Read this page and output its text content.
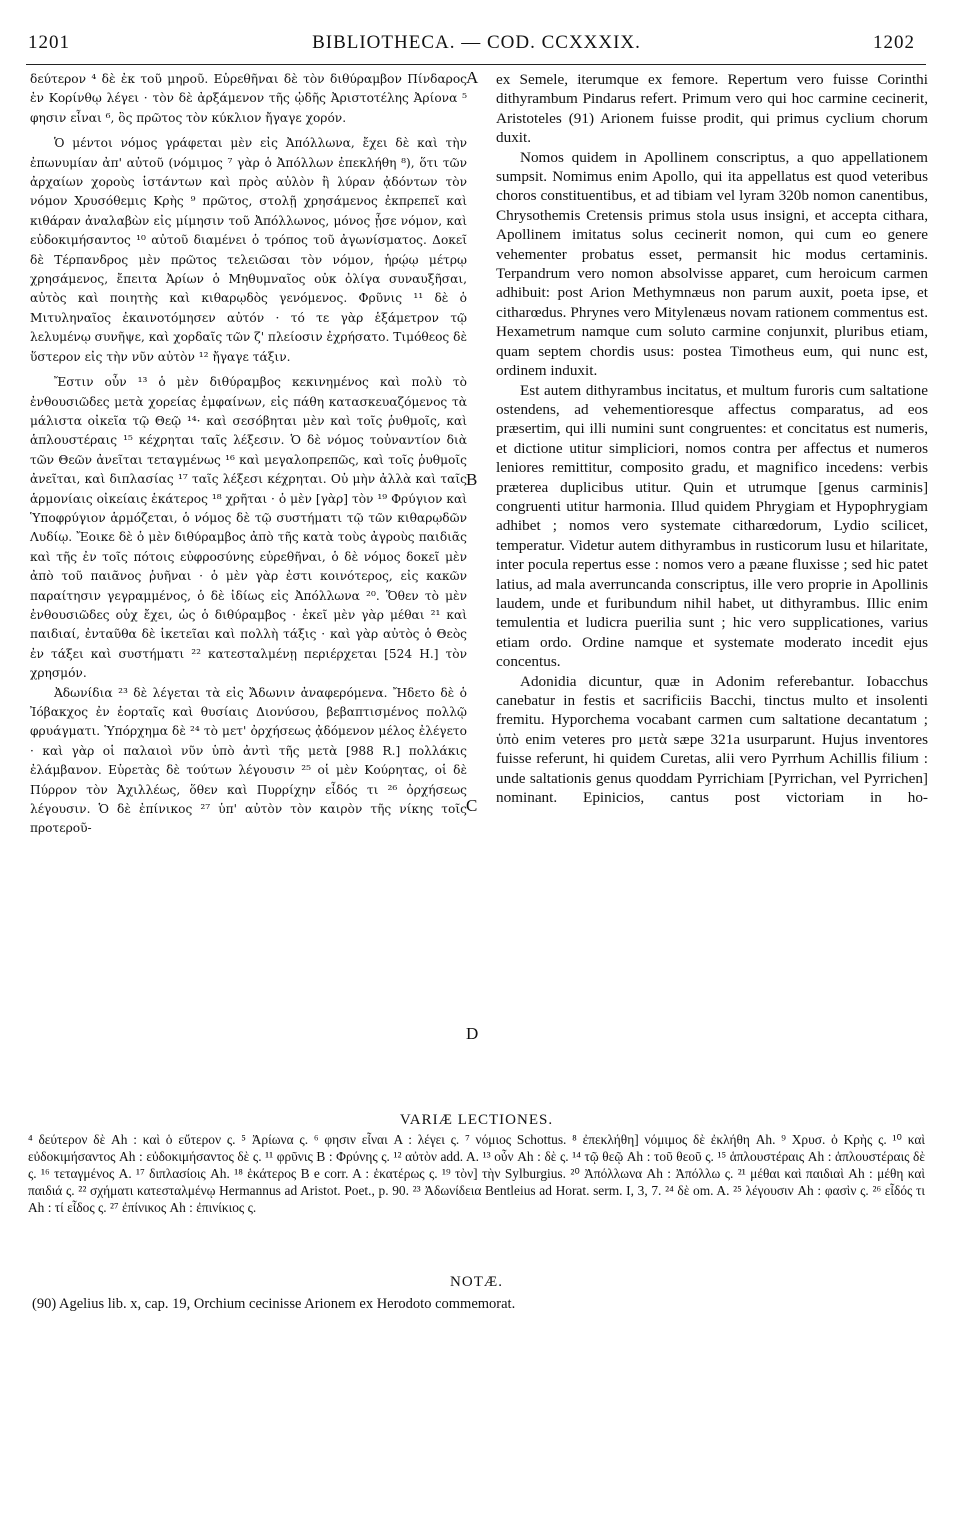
1201	BIBLIOTHECA. — COD. CCXXXIX.	1202

δεύτερον ⁴ δὲ ἐκ τοῦ μηροῦ. Εὑρεθῆναι δὲ τὸν διθύραμβον Πίνδαρος ἐν Κορίνθῳ λέγει · τὸν δὲ ἀρξάμενον τῆς ᾠδῆς Ἀριστοτέλης Ἀρίονα ⁵ φησιν εἶναι ⁶, ὃς πρῶτος τὸν κύκλιον ἤγαγε χορόν.

Ὁ μέντοι νόμος γράφεται μὲν εἰς Ἀπόλλωνα, ἔχει δὲ καὶ τὴν ἐπωνυμίαν ἀπ' αὐτοῦ (νόμιμος ⁷ γὰρ ὁ Ἀπόλλων ἐπεκλήθη ⁸), ὅτι τῶν ἀρχαίων χοροὺς ἱστάντων καὶ πρὸς αὐλὸν ἢ λύραν ᾀδόντων τὸν νόμον Χρυσόθεμις Κρὴς ⁹ πρῶτος, στολῇ χρησάμενος ἐκπρεπεῖ καὶ κιθάραν ἀναλαβὼν εἰς μίμησιν τοῦ Ἀπόλλωνος, μόνος ᾖσε νόμον, καὶ εὐδοκιμήσαντος ¹⁰ αὐτοῦ διαμένει ὁ τρόπος τοῦ ἀγωνίσματος. Δοκεῖ δὲ Τέρπανδρος μὲν πρῶτος τελειῶσαι τὸν νόμον, ἡρῴῳ μέτρῳ χρησάμενος, ἔπειτα Ἀρίων ὁ Μηθυμναῖος οὐκ ὀλίγα συναυξῆσαι, αὐτὸς καὶ ποιητὴς καὶ κιθαρῳδὸς γενόμενος. Φρῦνις ¹¹ δὲ ὁ Μιτυληναῖος ἐκαινοτόμησεν αὐτόν · τό τε γὰρ ἑξάμετρον τῷ λελυμένῳ συνῆψε, καὶ χορδαῖς τῶν ζ' πλείοσιν ἐχρήσατο. Τιμόθεος δὲ ὕστερον εἰς τὴν νῦν αὐτὸν ¹² ἤγαγε τάξιν.

Ἔστιν οὖν ¹³ ὁ μὲν διθύραμβος κεκινημένος καὶ πολὺ τὸ ἐνθουσιῶδες μετὰ χορείας ἐμφαίνων, εἰς πάθη κατασκευαζόμενος τὰ μάλιστα οἰκεῖα τῷ Θεῷ ¹⁴· καὶ σεσόβηται μὲν καὶ τοῖς ῥυθμοῖς, καὶ ἁπλουστέραις ¹⁵ κέχρηται ταῖς λέξεσιν. Ὁ δὲ νόμος τοὐναντίον διὰ τῶν Θεῶν ἀνεῖται τεταγμένως ¹⁶ καὶ μεγαλοπρεπῶς, καὶ τοῖς ῥυθμοῖς ἀνεῖται, καὶ διπλασίας ¹⁷ ταῖς λέξεσι κέχρηται. Οὐ μὴν ἀλλὰ καὶ ταῖς ἁρμονίαις οἰκείαις ἑκάτερος ¹⁸ χρῆται · ὁ μὲν [γὰρ] τὸν ¹⁹ Φρύγιον καὶ Ὑποφρύγιον ἁρμόζεται, ὁ νόμος δὲ τῷ συστήματι τῷ τῶν κιθαρῳδῶν Λυδίῳ. Ἔοικε δὲ ὁ μὲν διθύραμβος ἀπὸ τῆς κατὰ τοὺς ἀγροὺς παιδιᾶς καὶ τῆς ἐν τοῖς πότοις εὐφροσύνης εὑρεθῆναι, ὁ δὲ νόμος δοκεῖ μὲν ἀπὸ τοῦ παιᾶνος ῥυῆναι · ὁ μὲν γὰρ ἐστι κοινότερος, εἰς κακῶν παραίτησιν γεγραμμένος, ὁ δὲ ἰδίως εἰς Ἀπόλλωνα ²⁰. Ὅθεν τὸ μὲν ἐνθουσιῶδες οὐχ ἔχει, ὡς ὁ διθύραμβος · ἐκεῖ μὲν γὰρ μέθαι ²¹ καὶ παιδιαί, ἐνταῦθα δὲ ἱκετεῖαι καὶ πολλὴ τάξις · καὶ γὰρ αὐτὸς ὁ Θεὸς ἐν τάξει καὶ συστήματι ²² κατεσταλμένῃ περιέρχεται [524 H.] τὸν χρησμόν.

Ἀδωνίδια ²³ δὲ λέγεται τὰ εἰς Ἄδωνιν ἀναφερόμενα. Ἤδετο δὲ ὁ Ἰόβακχος ἐν ἑορταῖς καὶ θυσίαις Διονύσου, βεβαπτισμένος πολλῷ φρυάγματι. Ὑπόρχημα δὲ ²⁴ τὸ μετ' ὀρχήσεως ᾀδόμενον μέλος ἐλέγετο · καὶ γὰρ οἱ παλαιοὶ νῦν ὑπὸ ἀντὶ τῆς μετὰ [988 R.] πολλάκις ἐλάμβανον. Εὑρετὰς δὲ τούτων λέγουσιν ²⁵ οἱ μὲν Κούρητας, οἱ δὲ Πύρρον τὸν Ἀχιλλέως, ὅθεν καὶ Πυρρίχην εἶδός τι ²⁶ ὀρχήσεως λέγουσιν. Ὁ δὲ ἐπίνικος ²⁷ ὑπ' αὐτὸν τὸν καιρὸν τῆς νίκης τοῖς προτεροῦ-

A
B
C
D

ex Semele, iterumque ex femore. Repertum vero fuisse Corinthi dithyrambum Pindarus refert. Primum vero qui hoc carmine cecinerit, Aristoteles (91) Arionem fuisse prodit, qui primus cyclium chorum duxit.

Nomos quidem in Apollinem conscriptus, a quo appellationem sumpsit. Nomimus enim Apollo, qui ita appellatus est quod veteribus choros constituentibus, et ad tibiam vel lyram 320b nomon canentibus, Chrysothemis Cretensis primus stola usus insigni, et accepta cithara, Apollinem imitatus solus cecinerit nomon, qui cum eo genere vehementer probatus esset, permansit hic modus certaminis. Terpandrum vero nomon absolvisse apparet, cum heroicum carmen adhibuit: post Arion Methymnæus non parum auxit, poeta ipse, et citharœdus. Phrynes vero Mitylenæus novam rationem commentus est. Hexametrum namque cum soluto carmine conjunxit, pluribus etiam, quam septem chordis usus: postea Timotheus eum, qui nunc est, ordinem induxit.

Est autem dithyrambus incitatus, et multum furoris cum saltatione ostendens, ad vehementioresque affectus comparatus, ad eos præsertim, qui illi numini sunt congruentes: et concitatus est numeris, et dictione utitur simpliciori, nomos contra per affectus et numeros leniores remittitur, composito gradu, et magnifico incedens: verbis præterea duplicibus utitur. Quin et utrumque [genus carminis] congruenti utitur harmonia. Illud quidem Phrygiam et Hypophrygiam adhibet ; nomos vero systemate citharœdorum, Lydio scilicet, temperatur. Videtur autem dithyrambus in rusticorum lusu et hilaritate, inter pocula repertus esse : nomos vero a pæane fluxisse ; sed hic patet latius, ad mala averruncanda conscriptus, ille vero proprie in Apollinis laudem, unde et furibundum nihil habet, ut dithyrambus. Illic enim temulentia et ludicra puerilia sunt ; hic vero supplicationes, varius etiam ordo. Ordine namque et systemate moderato incedit ejus concentus.

Adonidia dicuntur, quæ in Adonim referebantur. Iobacchus canebatur in festis et sacrificiis Bacchi, tinctus multo et insolenti fremitu. Hyporchema vocabant carmen cum saltatione decantatum ; ὑπὸ enim veteres pro μετὰ sæpe 321a usurparunt. Hujus inventores fuisse referunt, hi quidem Curetas, alii vero Pyrrhum Achillis filium : unde saltationis genus quoddam Pyrrichiam [Pyrrichan, vel Pyrrichen] nominant. Epinicios, cantus post victoriam in ho-

VARIÆ LECTIONES.

⁴ δεύτερον δὲ Ah : καὶ ὁ εὔτερον ς. ⁵ Ἀρίωνα ς. ⁶ φησιν εἶναι A : λέγει ς. ⁷ νόμιος Schottus. ⁸ ἐπεκλήθη] νόμιμος δὲ ἐκλήθη Ah. ⁹ Χρυσ. ὁ Κρὴς ς. ¹⁰ καὶ εὐδοκιμήσαντος Ah : εὐδοκιμήσαντος δὲ ς. ¹¹ φρῦνις B : Φρύνης ς. ¹² αὐτὸν add. A. ¹³ οὖν Ah : δὲ ς. ¹⁴ τῷ θεῷ Ah : τοῦ θεοῦ ς. ¹⁵ ἁπλουστέραις Ah : ἁπλουστέραις δὲ ς. ¹⁶ τεταγμένος A. ¹⁷ διπλασίοις Ah. ¹⁸ ἑκάτερος B e corr. A : ἑκατέρως ς. ¹⁹ τὸν] τὴν Sylburgius. ²⁰ Ἀπόλλωνα Ah : Ἀπόλλω ς. ²¹ μέθαι καὶ παιδιαὶ Ah : μέθη καὶ παιδιά ς. ²² σχήματι κατεσταλμένῳ Hermannus ad Aristot. Poet., p. 90. ²³ Ἀδωνίδεια Bentleius ad Horat. serm. I, 3, 7. ²⁴ δὲ om. A. ²⁵ λέγουσιν Ah : φασὶν ς. ²⁶ εἶδός τι Ah : τί εἶδος ς. ²⁷ ἐπίνικος Ah : ἐπινίκιος ς.

NOTÆ.

(90) Agelius lib. x, cap. 19, Orchium cecinisse Arionem ex Herodoto commemorat.
